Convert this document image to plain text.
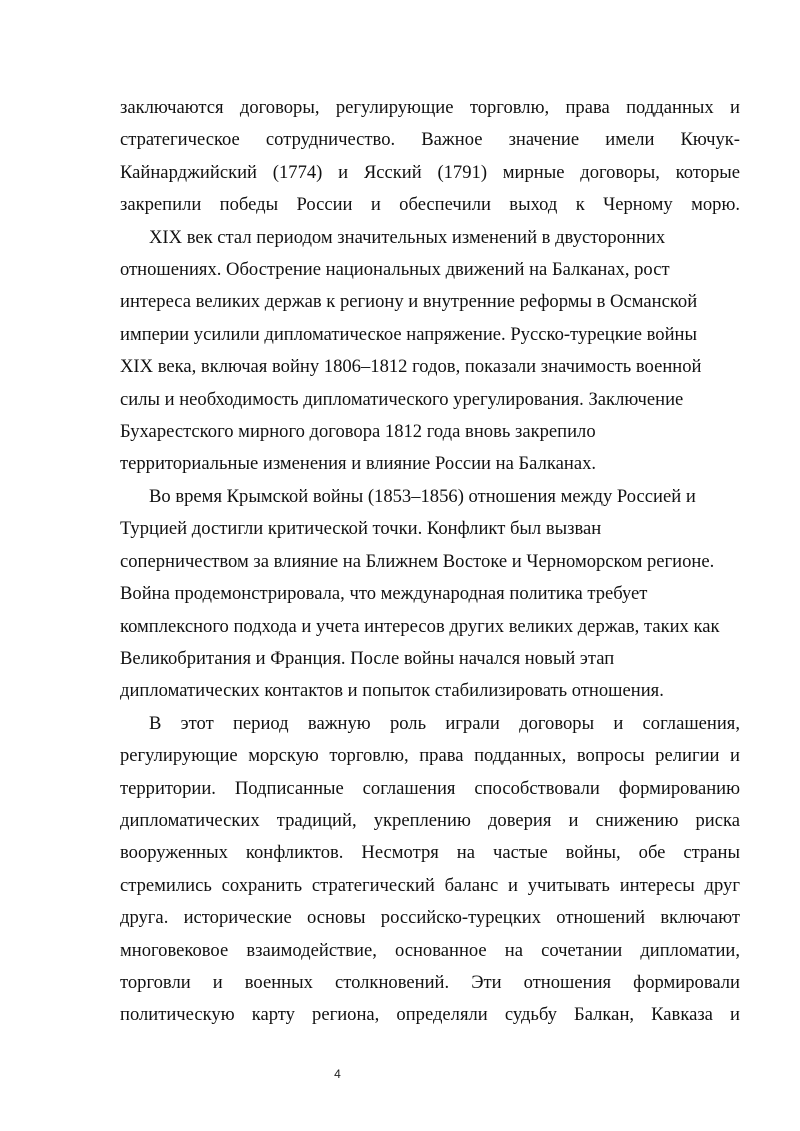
заключаются договоры, регулирующие торговлю, права подданных и
стратегическое сотрудничество. Важное значение имели Кючук-
Кайнарджийский (1774) и Ясский (1791) мирные договоры, которые
закрепили победы России и обеспечили выход к Черному морю.

XIX век стал периодом значительных изменений в двусторонних
отношениях. Обострение национальных движений на Балканах, рост
интереса великих держав к региону и внутренние реформы в Османской
империи усилили дипломатическое напряжение. Русско-турецкие войны
XIX века, включая войну 1806–1812 годов, показали значимость военной
силы и необходимость дипломатического урегулирования. Заключение
Бухарестского мирного договора 1812 года вновь закрепило
территориальные изменения и влияние России на Балканах.

Во время Крымской войны (1853–1856) отношения между Россией и
Турцией достигли критической точки. Конфликт был вызван
соперничеством за влияние на Ближнем Востоке и Черноморском регионе.
Война продемонстрировала, что международная политика требует
комплексного подхода и учета интересов других великих держав, таких как
Великобритания и Франция. После войны начался новый этап
дипломатических контактов и попыток стабилизировать отношения.

В этот период важную роль играли договоры и соглашения,
регулирующие морскую торговлю, права подданных, вопросы религии и
территории. Подписанные соглашения способствовали формированию
дипломатических традиций, укреплению доверия и снижению риска
вооруженных конфликтов. Несмотря на частые войны, обе страны
стремились сохранить стратегический баланс и учитывать интересы друг
друга. исторические основы российско-турецких отношений включают
многовековое взаимодействие, основанное на сочетании дипломатии,
торговли и военных столкновений. Эти отношения формировали
политическую карту региона, определяли судьбу Балкан, Кавказа и

4
